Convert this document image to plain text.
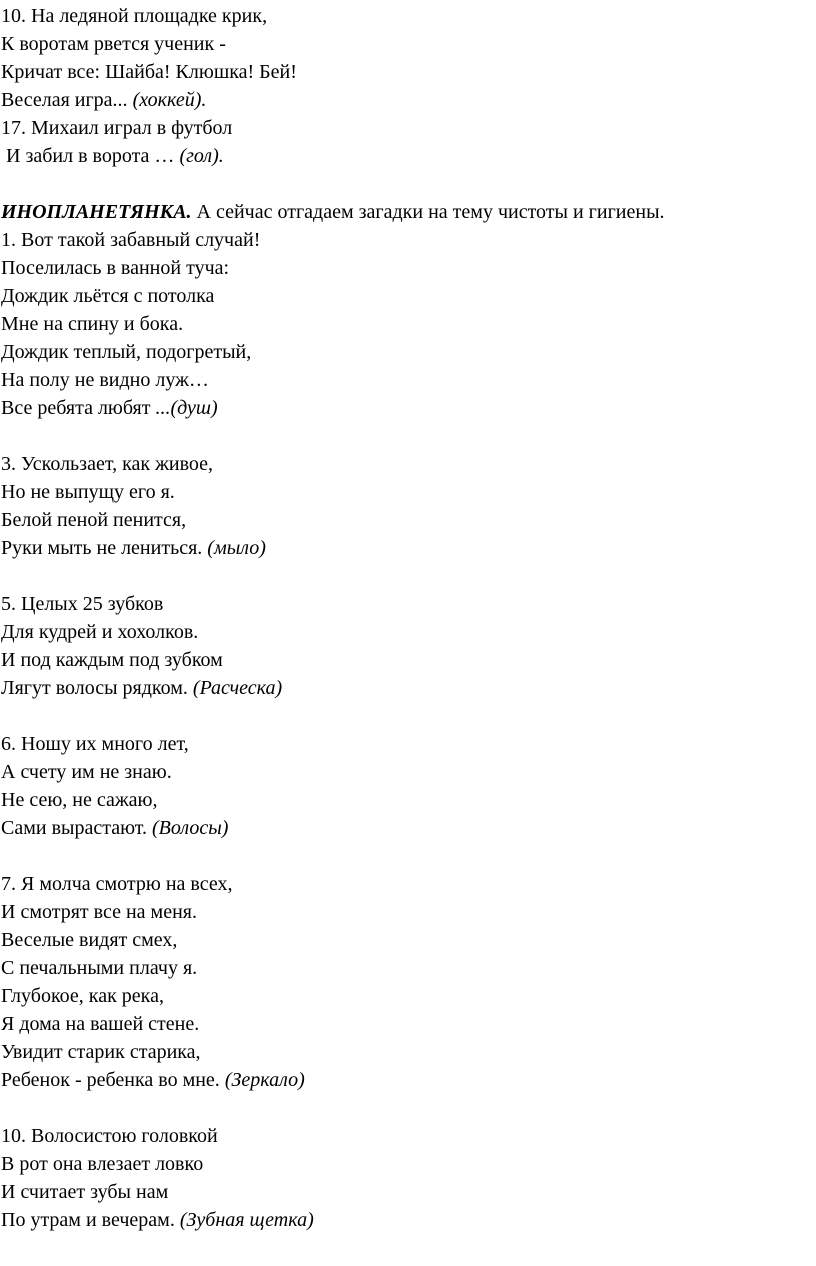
10. На ледяной площадке крик,
К воротам рвется ученик -
Кричат все: Шайба! Клюшка! Бей!
Веселая игра... (хоккей).
17. Михаил играл в футбол
И забил в ворота … (гол).
ИНОПЛАНЕТЯНКА. А сейчас отгадаем загадки на тему чистоты и гигиены.
1. Вот такой забавный случай!
Поселилась в ванной туча:
Дождик льётся с потолка
Мне на спину и бока.
Дождик теплый, подогретый,
На полу не видно луж…
Все ребята любят ...(душ)
3. Ускользает, как живое,
Но не выпущу его я.
Белой пеной пенится,
Руки мыть не лениться. (мыло)
5. Целых 25 зубков
Для кудрей и хохолков.
И под каждым под зубком
Лягут волосы рядком. (Расческа)
6. Ношу их много лет,
А счету им не знаю.
Не сею, не сажаю,
Сами вырастают. (Волосы)
7. Я молча смотрю на всех,
И смотрят все на меня.
Веселые видят смех,
С печальными плачу я.
Глубокое, как река,
Я дома на вашей стене.
Увидит старик старика,
Ребенок - ребенка во мне. (Зеркало)
10. Волосистою головкой
В рот она влезает ловко
И считает зубы нам
По утрам и вечерам. (Зубная щетка)
